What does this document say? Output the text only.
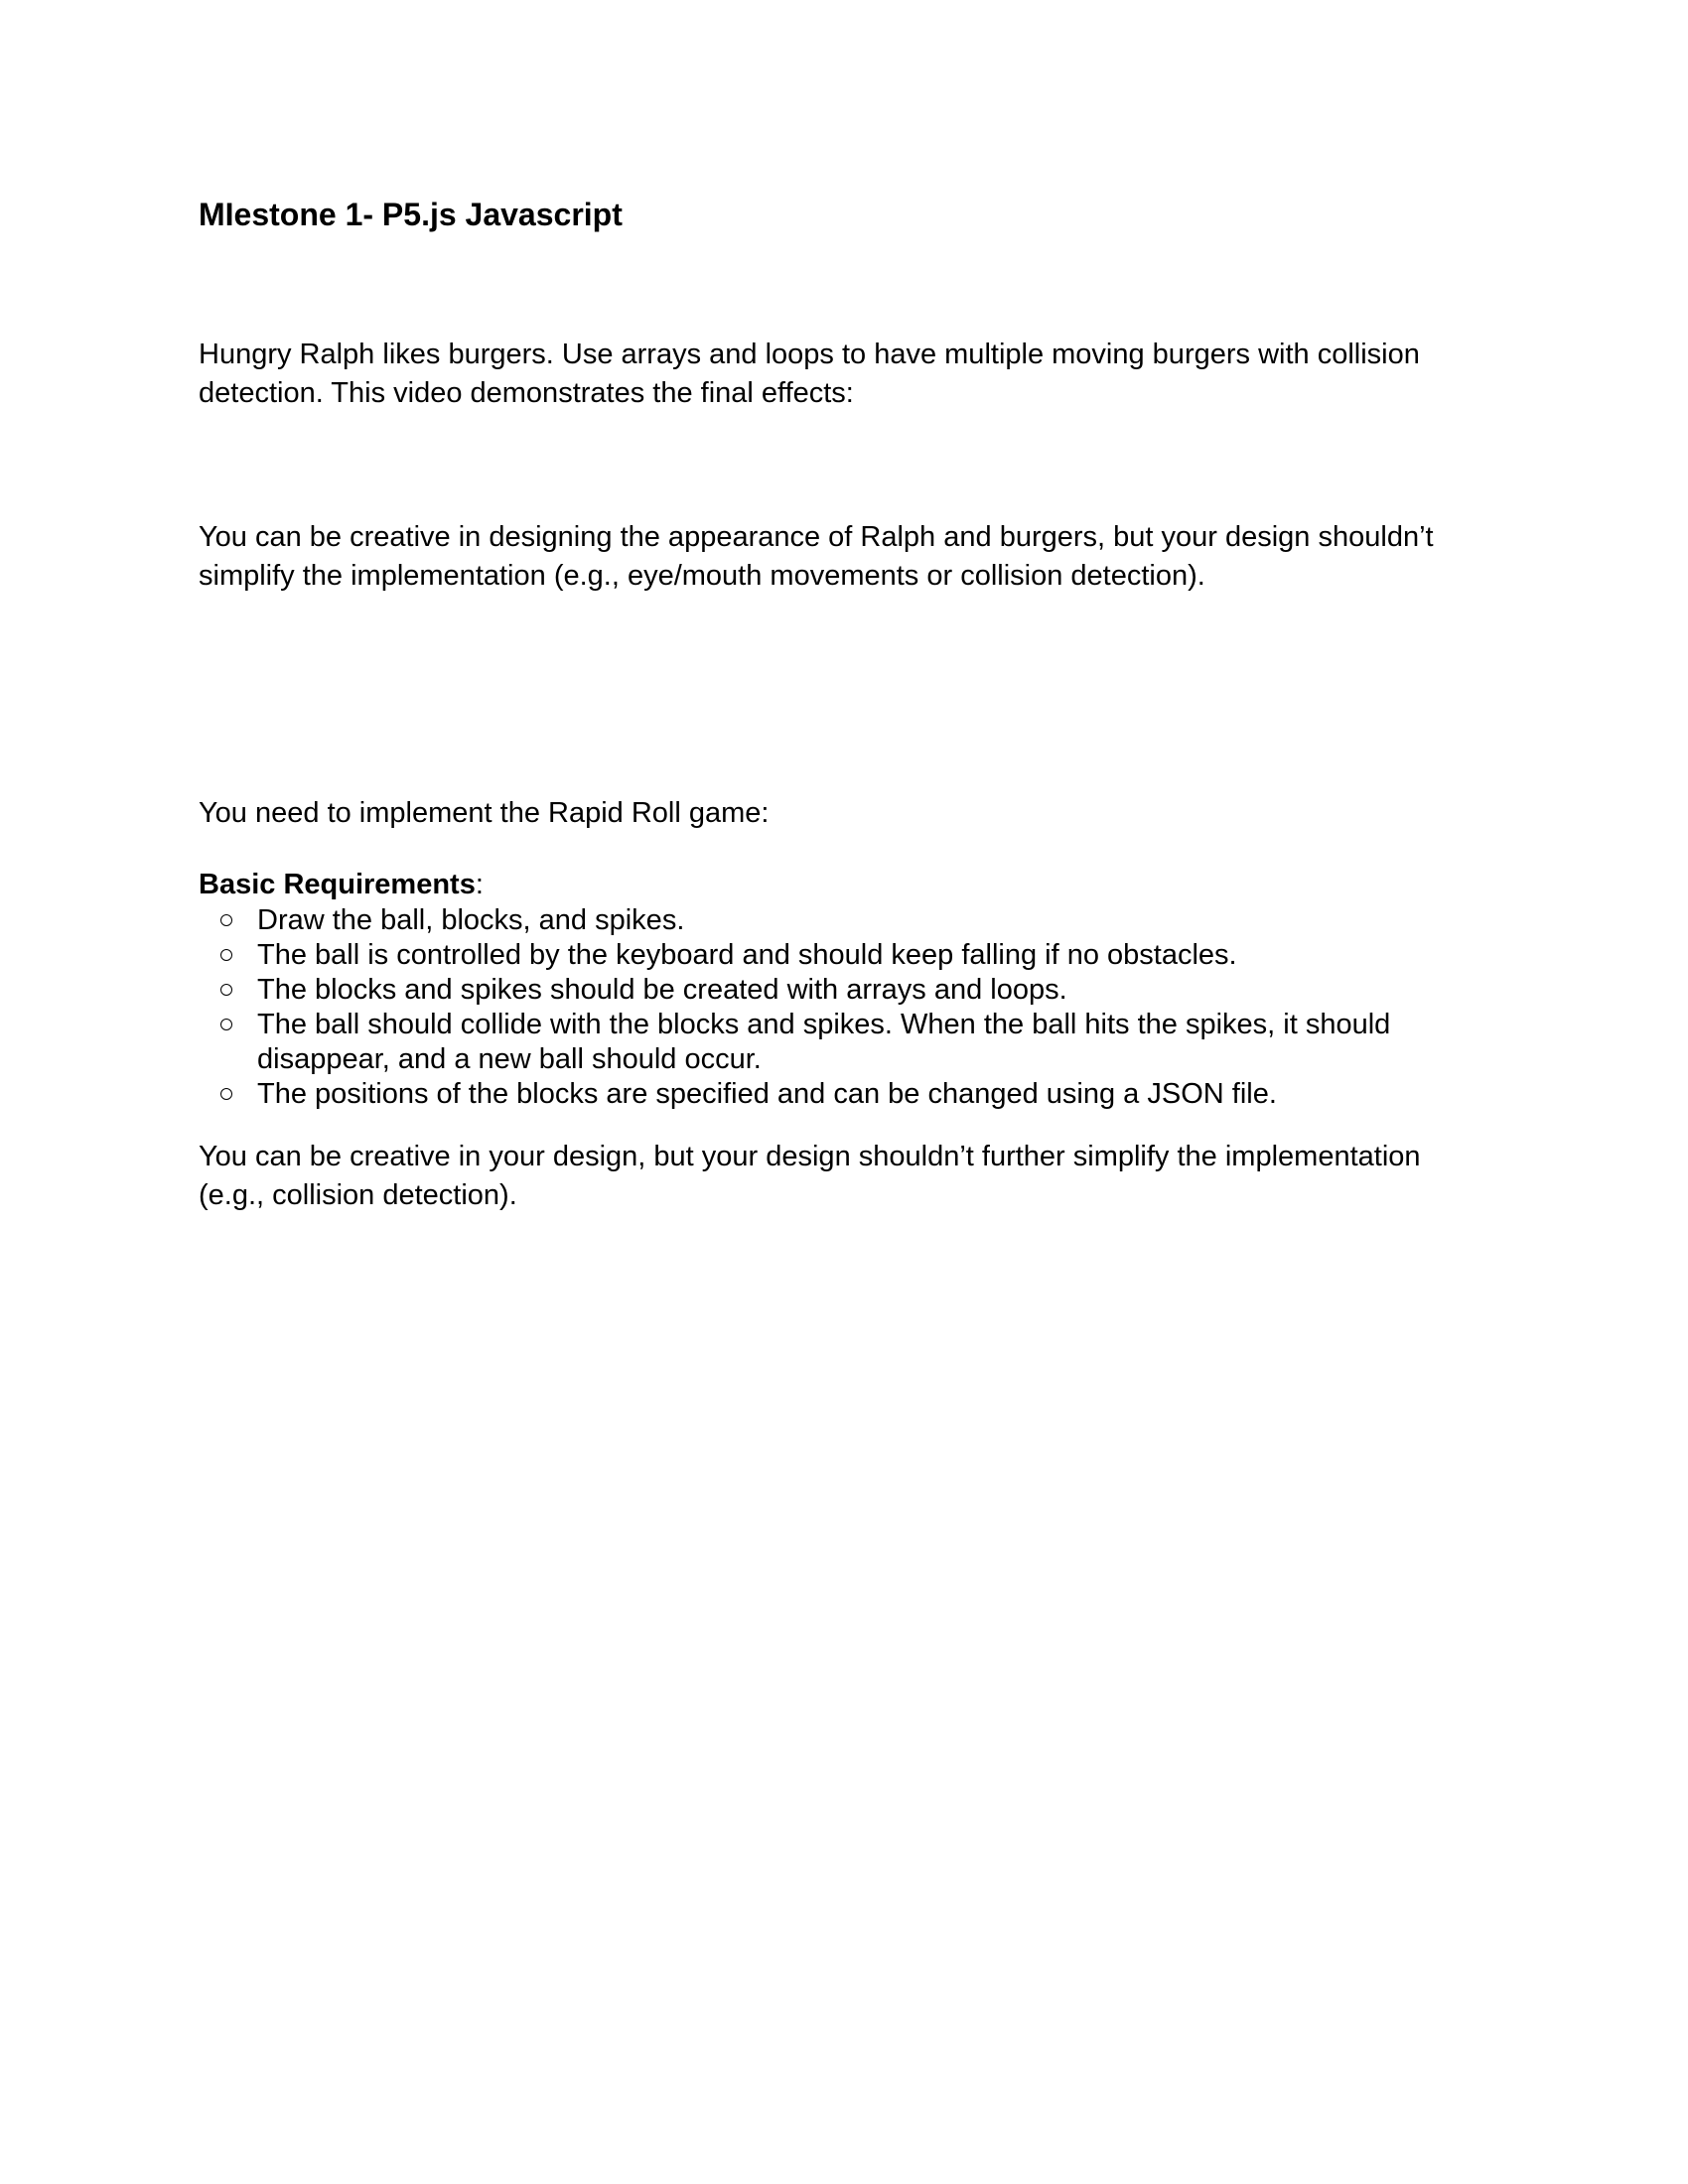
MIestone 1- P5.js Javascript

Hungry Ralph likes burgers. Use arrays and loops to have multiple moving burgers with collision detection. This video demonstrates the final effects:

You can be creative in designing the appearance of Ralph and burgers, but your design shouldn’t simplify the implementation (e.g., eye/mouth movements or collision detection).

You need to implement the Rapid Roll game:

Basic Requirements:

Draw the ball, blocks, and spikes.
The ball is controlled by the keyboard and should keep falling if no obstacles.
The blocks and spikes should be created with arrays and loops.
The ball should collide with the blocks and spikes. When the ball hits the spikes, it should disappear, and a new ball should occur.
The positions of the blocks are specified and can be changed using a JSON file.

You can be creative in your design, but your design shouldn’t further simplify the implementation (e.g., collision detection).
